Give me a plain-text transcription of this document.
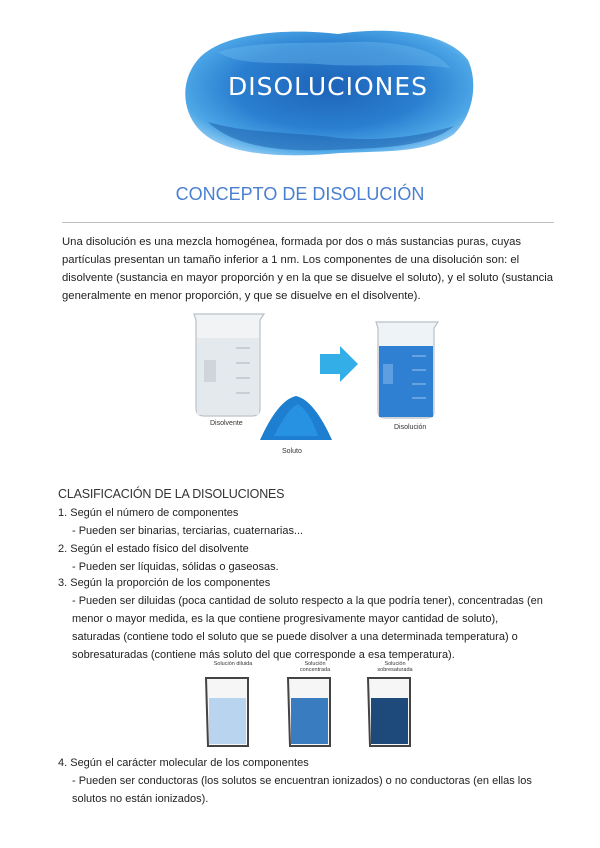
DISOLUCIONES
CONCEPTO DE DISOLUCIÓN
Una disolución es una mezcla homogénea, formada por dos o más sustancias puras, cuyas
partículas presentan un tamaño inferior a 1 nm. Los componentes de una disolución son: el
disolvente (sustancia en mayor proporción y en la que se disuelve el soluto), y el soluto (sustancia
generalmente en menor proporción, y que se disuelve en el disolvente).
Disolvente
Soluto
Disolución
CLASIFICACIÓN DE LA DISOLUCIONES
1. Según el número de componentes
- Pueden ser binarias, terciarias, cuaternarias...
2. Según el estado físico del disolvente
- Pueden ser líquidas, sólidas o gaseosas.
3. Según la proporción de los componentes
- Pueden ser diluidas (poca cantidad de soluto respecto a la que podría tener), concentradas (en
menor o mayor medida, es la que contiene progresivamente mayor cantidad de soluto),
saturadas (contiene todo el soluto que se puede disolver a una determinada temperatura) o
sobresaturadas (contiene más soluto del que corresponde a esa temperatura).
Solución diluida	Solución concentrada
Solución sobresaturada
4. Según el carácter molecular de los componentes
- Pueden ser conductoras (los solutos se encuentran ionizados) o no conductoras (en ellas los
solutos no están ionizados).
